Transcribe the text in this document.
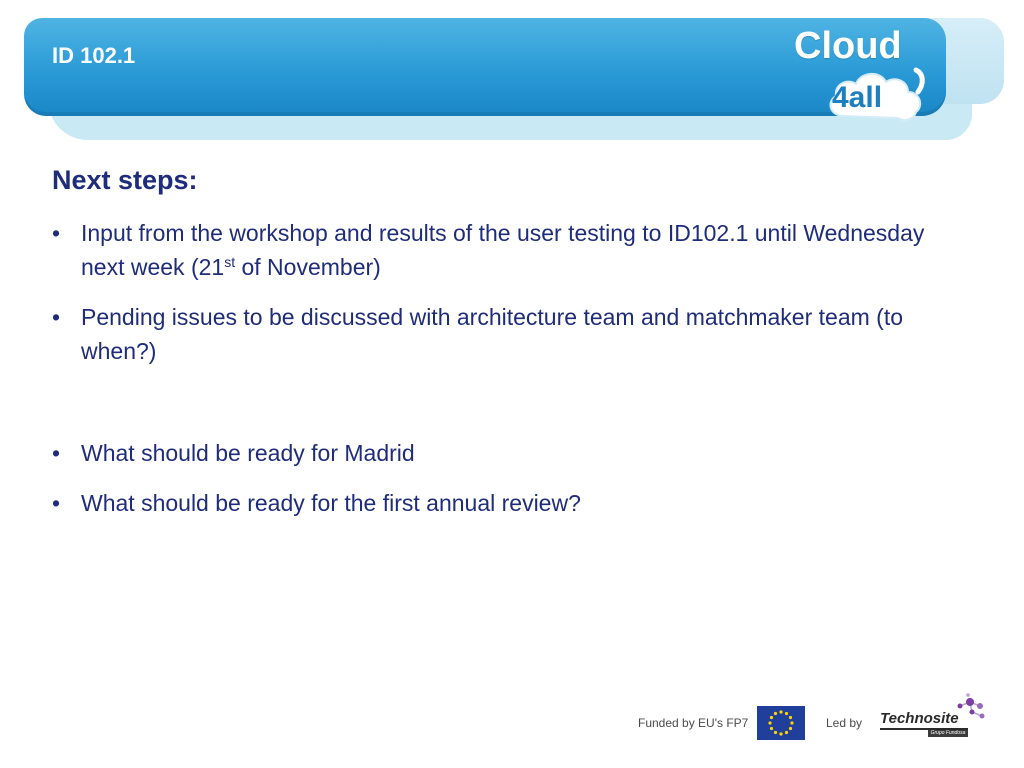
ID 102.1	Cloud
4all
Next steps:
• Input from the workshop and results of the user testing to ID102.1 until Wednesday next week (21st of November)
• Pending issues to be discussed with architecture team and matchmaker team (to when?)
• What should be ready for Madrid
• What should be ready for the first annual review?
Funded by EU's FP7	Led by Technosite
Grupo Fundosa
